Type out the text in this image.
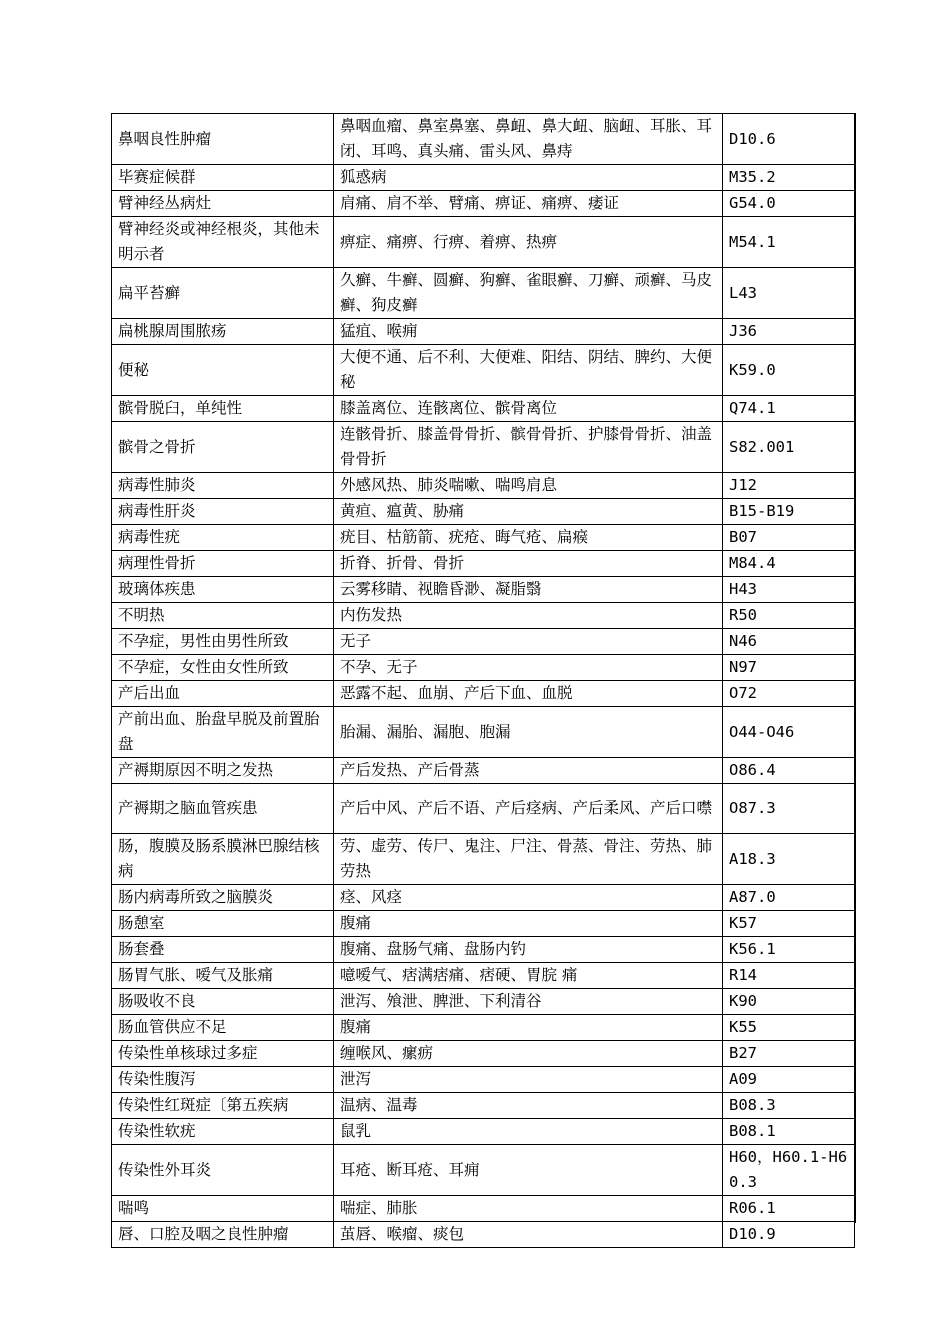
鼻咽良性肿瘤	鼻咽血瘤、鼻室鼻塞、鼻衄、鼻大衄、脑衄、耳胀、耳闭、耳鸣、真头痛、雷头风、鼻痔	D10.6
毕赛症候群	狐惑病	M35.2
臂神经丛病灶	肩痛、肩不举、臂痛、痹证、痛痹、痿证	G54.0
臂神经炎或神经根炎，其他未明示者	痹症、痛痹、行痹、着痹、热痹	M54.1
扁平苔癣	久癣、牛癣、圆癣、狗癣、雀眼癣、刀癣、顽癣、马皮癣、狗皮癣	L43
扁桃腺周围脓疡	猛疽、喉痈	J36
便秘	大便不通、后不利、大便难、阳结、阴结、脾约、大便秘	K59.0
髌骨脱臼，单纯性	膝盖离位、连骸离位、髌骨离位	Q74.1
髌骨之骨折	连骸骨折、膝盖骨骨折、髌骨骨折、护膝骨骨折、油盖骨骨折	S82.001
病毒性肺炎	外感风热、肺炎喘嗽、喘鸣肩息	J12
病毒性肝炎	黄疸、瘟黄、胁痛	B15-B19
病毒性疣	疣目、枯筋箭、疣疮、晦气疮、扁瘊	B07
病理性骨折	折脊、折骨、骨折	M84.4
玻璃体疾患	云雾移睛、视瞻昏渺、凝脂翳	H43
不明热	内伤发热	R50
不孕症，男性由男性所致	无子	N46
不孕症，女性由女性所致	不孕、无子	N97
产后出血	恶露不起、血崩、产后下血、血脱	O72
产前出血、胎盘早脱及前置胎盘	胎漏、漏胎、漏胞、胞漏	O44-O46
产褥期原因不明之发热	产后发热、产后骨蒸	O86.4
产褥期之脑血管疾患	产后中风、产后不语、产后痉病、产后柔风、产后口噤	O87.3
肠，腹膜及肠系膜淋巴腺结核病	劳、虚劳、传尸、鬼注、尸注、骨蒸、骨注、劳热、肺劳热	A18.3
肠内病毒所致之脑膜炎	痉、风痉	A87.0
肠憩室	腹痛	K57
肠套叠	腹痛、盘肠气痛、盘肠内钓	K56.1
肠胃气胀、嗳气及胀痛	噫嗳气、痞满痞痛、痞硬、胃脘 痛	R14
肠吸收不良	泄泻、飧泄、脾泄、下利清谷	K90
肠血管供应不足	腹痛	K55
传染性单核球过多症	缠喉风、瘰疬	B27
传染性腹泻	泄泻	A09
传染性红斑症〔第五疾病	温病、温毒	B08.3
传染性软疣	鼠乳	B08.1
传染性外耳炎	耳疮、断耳疮、耳痈	H60，H60.1-H60.3
喘鸣	喘症、肺胀	R06.1
唇、口腔及咽之良性肿瘤	茧唇、喉瘤、痰包	D10.9
